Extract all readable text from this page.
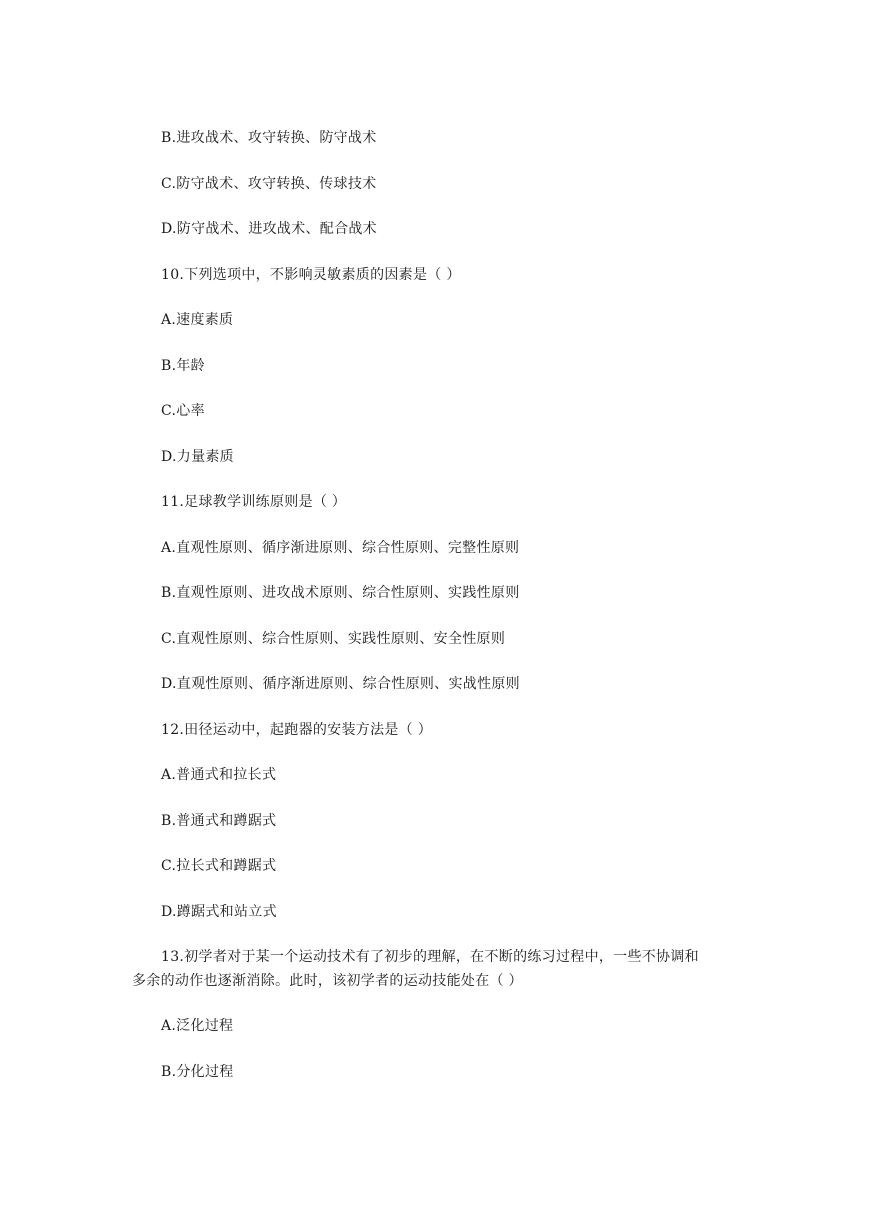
B.进攻战术、攻守转换、防守战术
C.防守战术、攻守转换、传球技术
D.防守战术、进攻战术、配合战术
10.下列选项中，不影响灵敏素质的因素是（ ）
A.速度素质
B.年龄
C.心率
D.力量素质
11.足球教学训练原则是（ ）
A.直观性原则、循序渐进原则、综合性原则、完整性原则
B.直观性原则、进攻战术原则、综合性原则、实践性原则
C.直观性原则、综合性原则、实践性原则、安全性原则
D.直观性原则、循序渐进原则、综合性原则、实战性原则
12.田径运动中，起跑器的安装方法是（ ）
A.普通式和拉长式
B.普通式和蹲踞式
C.拉长式和蹲踞式
D.蹲踞式和站立式
13.初学者对于某一个运动技术有了初步的理解，在不断的练习过程中，一些不协调和
多余的动作也逐渐消除。此时，该初学者的运动技能处在（ ）
A.泛化过程
B.分化过程
